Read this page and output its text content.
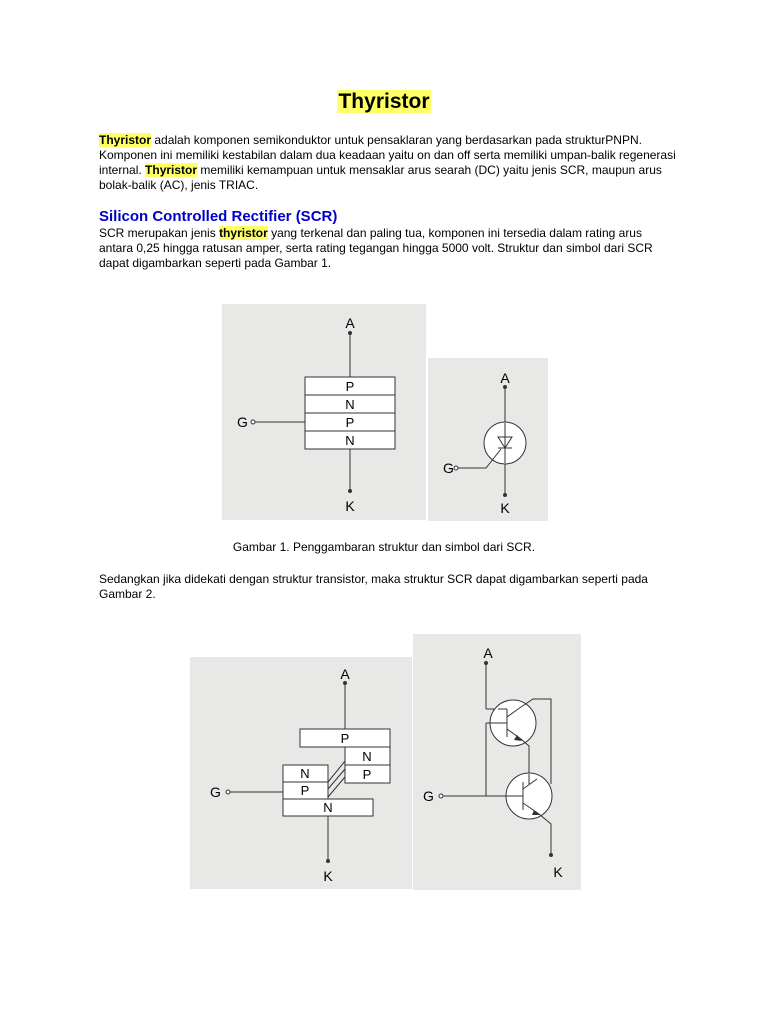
Thyristor
Thyristor adalah komponen semikonduktor untuk pensaklaran yang berdasarkan pada strukturPNPN. Komponen ini memiliki kestabilan dalam dua keadaan yaitu on dan off serta memiliki umpan-balik regenerasi internal. Thyristor memiliki kemampuan untuk mensaklar arus searah (DC) yaitu jenis SCR, maupun arus bolak-balik (AC), jenis TRIAC.
Silicon Controlled Rectifier (SCR)
SCR merupakan jenis thyristor yang terkenal dan paling tua, komponen ini tersedia dalam rating arus antara 0,25 hingga ratusan amper, serta rating tegangan hingga 5000 volt. Struktur dan simbol dari SCR dapat digambarkan seperti pada Gambar 1.
A
K
G
P
N
P
N
A
K
G
Gambar 1. Penggambaran struktur dan simbol dari SCR.
Sedangkan jika didekati dengan struktur transistor, maka struktur SCR dapat digambarkan seperti pada Gambar 2.
A
K
G
P
N
P
N
P
N
A
K
G
